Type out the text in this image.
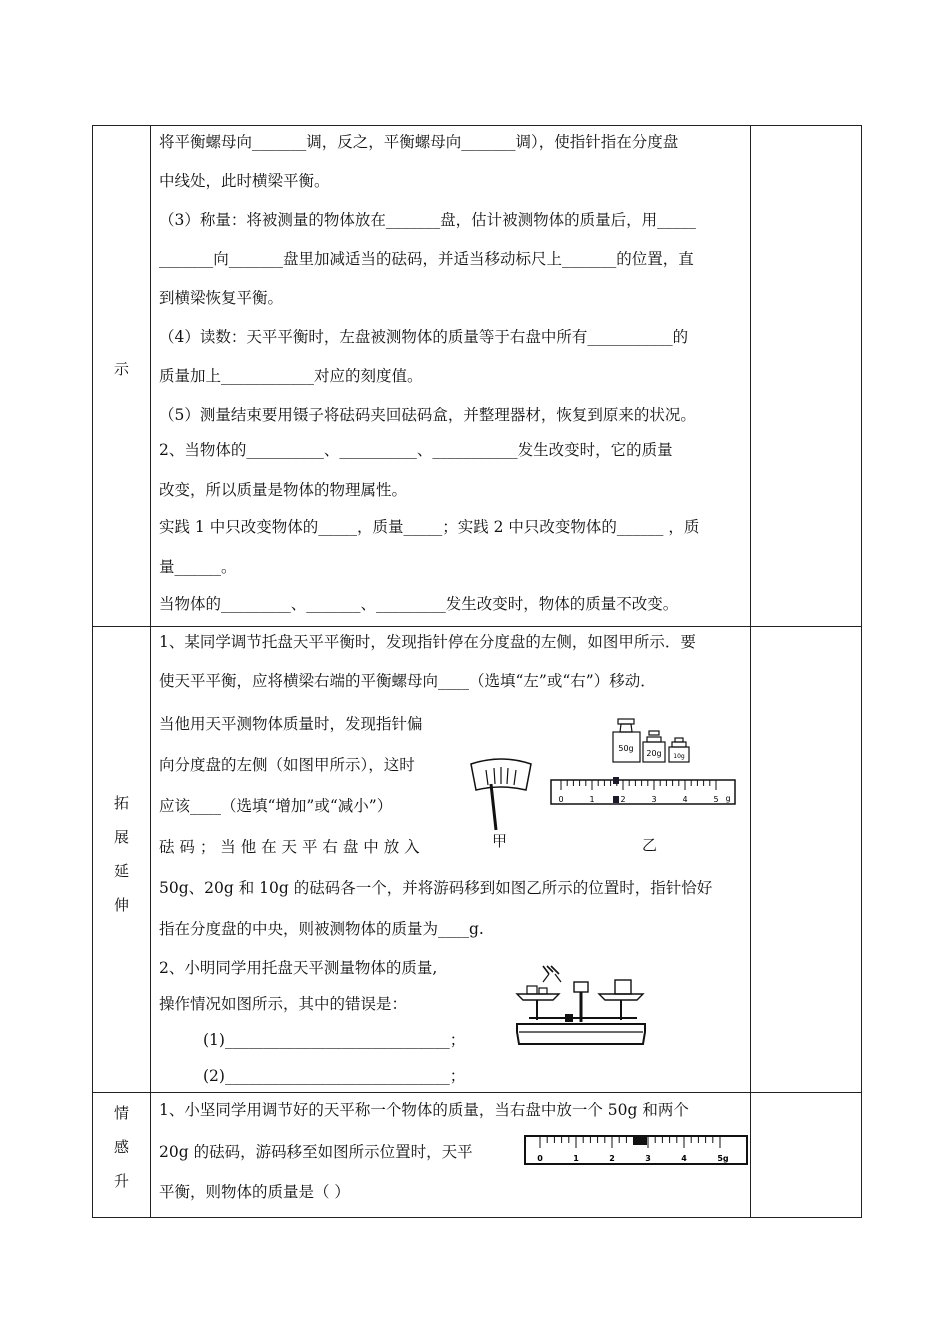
示
将平衡螺母向_______调，反之，平衡螺母向_______调），使指针指在分度盘
中线处，此时横梁平衡。
（3）称量：将被测量的物体放在_______盘，估计被测物体的质量后，用_____
_______向_______盘里加减适当的砝码，并适当移动标尺上_______的位置，直
到横梁恢复平衡。
（4）读数：天平平衡时，左盘被测物体的质量等于右盘中所有___________的
质量加上____________对应的刻度值。
（5）测量结束要用镊子将砝码夹回砝码盒，并整理器材，恢复到原来的状况。
2、当物体的__________、__________、___________发生改变时，它的质量
改变，所以质量是物体的物理属性。
实践 1 中只改变物体的_____，质量_____；实践 2 中只改变物体的______ ，质
量______。
当物体的_________、_______、_________发生改变时，物体的质量不改变。
拓
展
延
伸
1、某同学调节托盘天平平衡时，发现指针停在分度盘的左侧，如图甲所示．要
使天平平衡，应将横梁右端的平衡螺母向____（选填“左”或“右”）移动．
当他用天平测物体质量时，发现指针偏
向分度盘的左侧（如图甲所示），这时
应该____（选填“增加”或“减小”）
砝 码 ； 当 他 在 天 平 右 盘 中 放 入
50g、20g 和 10g 的砝码各一个，并将游码移到如图乙所示的位置时，指针恰好
指在分度盘的中央，则被测物体的质量为____g.
甲
50g
20g 10g
0	1	2	3	4	5 g
乙
2、小明同学用托盘天平测量物体的质量,
操作情况如图所示，其中的错误是：
(1)_____________________________；
(2)_____________________________；
情
感
升
1、小坚同学用调节好的天平称一个物体的质量，当右盘中放一个 50g 和两个
20g 的砝码，游码移至如图所示位置时，天平
平衡，则物体的质量是（ ）
0	1	2	3	4	5g
